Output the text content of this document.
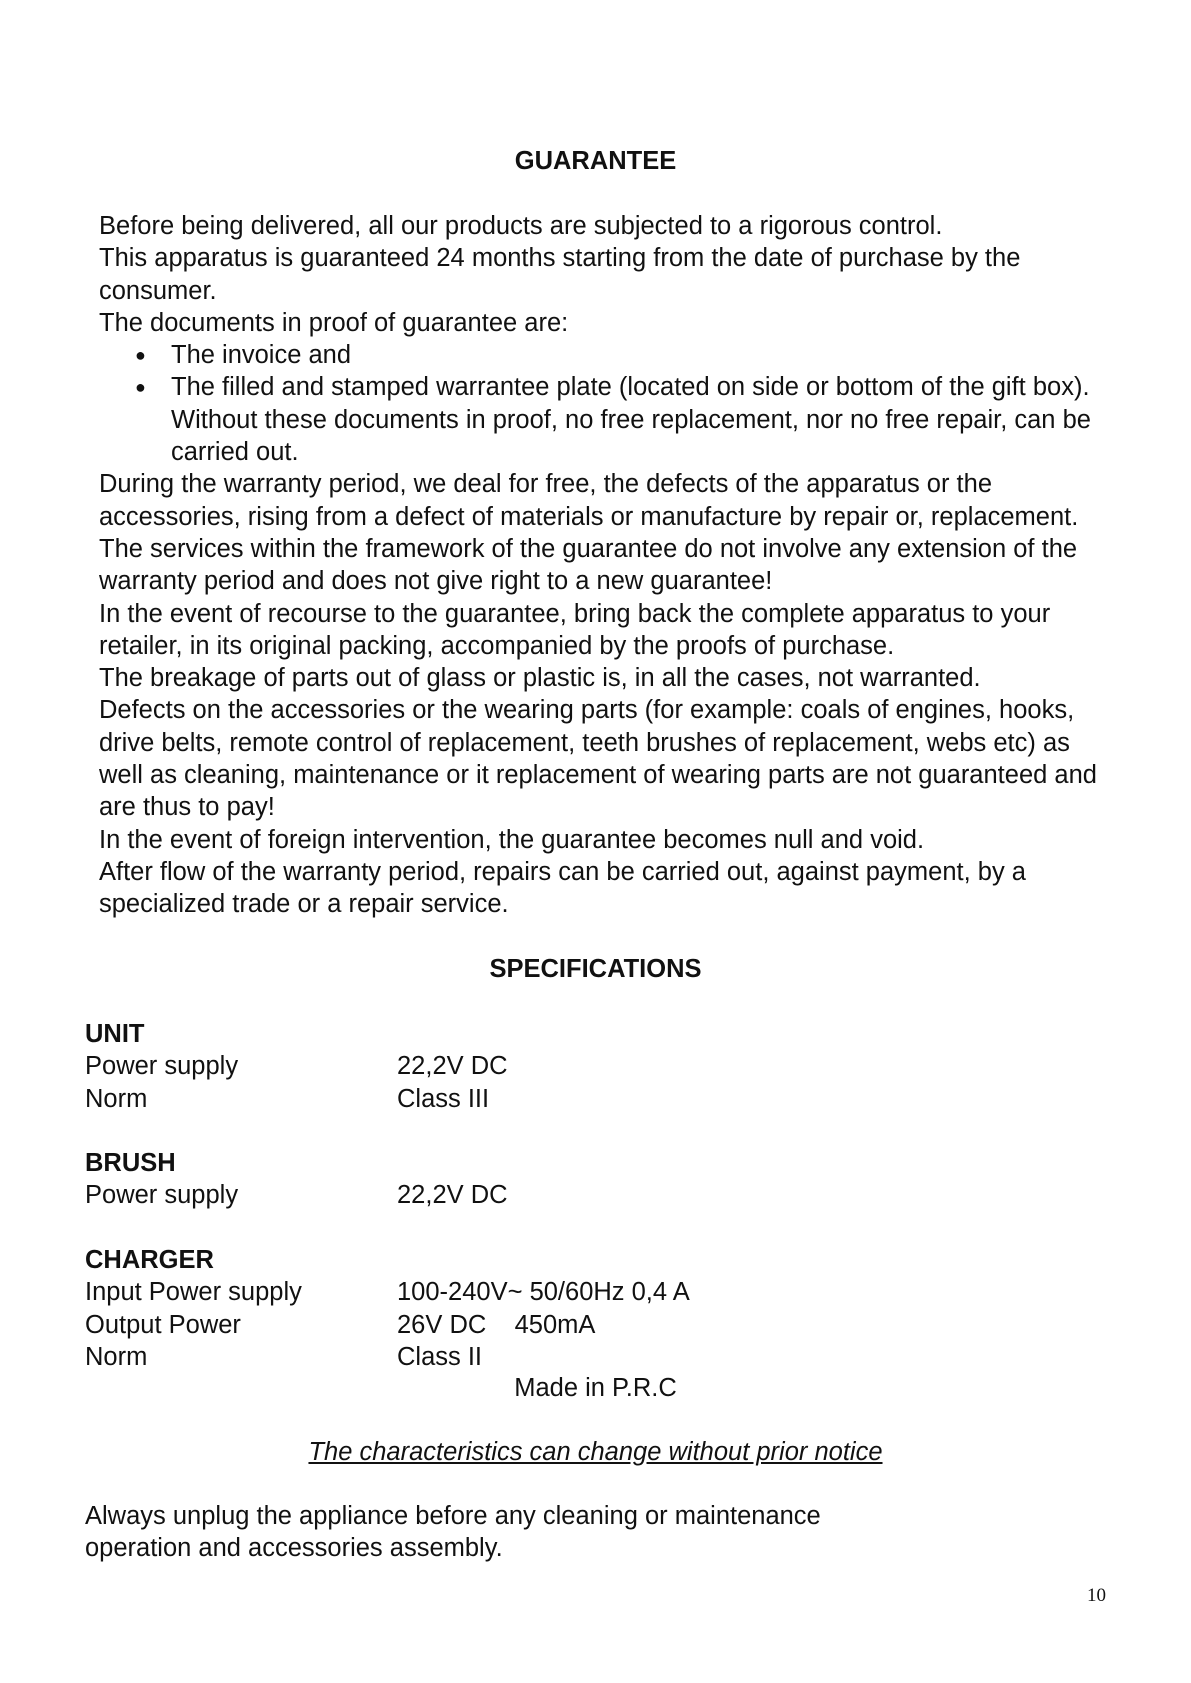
GUARANTEE

Before being delivered, all our products are subjected to a rigorous control.

This apparatus is guaranteed 24 months starting from the date of purchase by the consumer.

The documents in proof of guarantee are:

● The invoice and
● The filled and stamped warrantee plate (located on side or bottom of the gift box). Without these documents in proof, no free replacement, nor no free repair, can be carried out.

During the warranty period, we deal for free, the defects of the apparatus or the accessories, rising from a defect of materials or manufacture by repair or, replacement. The services within the framework of the guarantee do not involve any extension of the warranty period and does not give right to a new guarantee!

In the event of recourse to the guarantee, bring back the complete apparatus to your retailer, in its original packing, accompanied by the proofs of purchase.

The breakage of parts out of glass or plastic is, in all the cases, not warranted.

Defects on the accessories or the wearing parts (for example: coals of engines, hooks, drive belts, remote control of replacement, teeth brushes of replacement, webs etc) as well as cleaning, maintenance or it replacement of wearing parts are not guaranteed and are thus to pay!

In the event of foreign intervention, the guarantee becomes null and void.

After flow of the warranty period, repairs can be carried out, against payment, by a specialized trade or a repair service.

SPECIFICATIONS
UNIT
Power supply	22,2V DC
Norm	Class III
BRUSH
Power supply	22,2V DC
CHARGER
Input Power supply	100-240V~ 50/60Hz 0,4 A
Output Power	26V DC    450mA
Norm	Class II
Made in P.R.C
The characteristics can change without prior notice
Always unplug the appliance before any cleaning or maintenance operation and accessories assembly.
10
